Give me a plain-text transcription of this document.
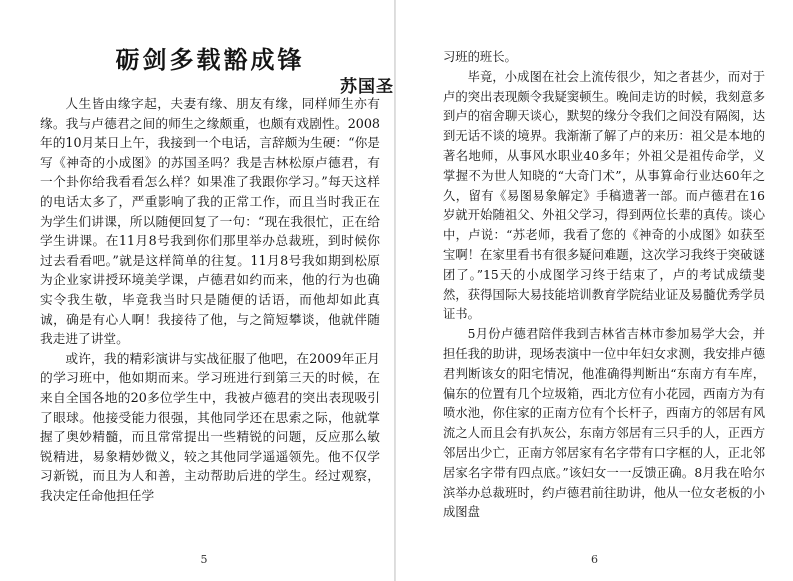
砺剑多载豁成锋
苏国圣

人生皆由缘字起，夫妻有缘、朋友有缘，同样师生亦有缘。我与卢德君之间的师生之缘颇重，也颇有戏剧性。2008年的10月某日上午，我接到一个电话，言辞颇为生硬：“你是写《神奇的小成图》的苏国圣吗？我是吉林松原卢德君，有一个卦你给我看看怎么样？如果准了我跟你学习。”每天这样的电话太多了，严重影响了我的正常工作，而且当时我正在为学生们讲课，所以随便回复了一句：“现在我很忙，正在给学生讲课。在11月8号我到你们那里举办总裁班，到时候你过去看看吧。”就是这样简单的往复。11月8号我如期到松原为企业家讲授环境美学课，卢德君如约而来，他的行为也确实令我生敬，毕竟我当时只是随便的话语，而他却如此真诚，确是有心人啊！我接待了他，与之简短攀谈，他就伴随我走进了讲堂。

或许，我的精彩演讲与实战征服了他吧，在2009年正月的学习班中，他如期而来。学习班进行到第三天的时候，在来自全国各地的20多位学生中，我被卢德君的突出表现吸引了眼球。他接受能力很强，其他同学还在思索之际，他就掌握了奥妙精髓，而且常常提出一些精锐的问题，反应那么敏锐精进，易象精妙微义，较之其他同学遥遥领先。他不仅学习新锐，而且为人和善，主动帮助后进的学生。经过观察，我决定任命他担任学

5

习班的班长。

毕竟，小成图在社会上流传很少，知之者甚少，而对于卢的突出表现颇令我疑窦顿生。晚间走访的时候，我刻意多到卢的宿舍聊天谈心，默契的缘分令我们之间没有隔阂，达到无话不谈的境界。我渐渐了解了卢的来历：祖父是本地的著名地师，从事风水职业40多年；外祖父是祖传命学，义掌握不为世人知晓的“大奇门术”，从事算命行业达60年之久，留有《易图易象解定》手稿遗著一部。而卢德君在16岁就开始随祖父、外祖父学习，得到两位长辈的真传。谈心中，卢说：“苏老师，我看了您的《神奇的小成图》如获至宝啊！在家里看书有很多疑问难题，这次学习我终于突破谜团了。”15天的小成图学习终于结束了，卢的考试成绩斐然，获得国际大易技能培训教育学院结业证及易髓优秀学员证书。

5月份卢德君陪伴我到吉林省吉林市参加易学大会，并担任我的助讲，现场表演中一位中年妇女求测，我安排卢德君判断该女的阳宅情况，他准确得判断出“东南方有车库，偏东的位置有几个垃圾箱，西北方位有小花园，西南方为有喷水池，你住家的正南方位有个长杆子，西南方的邻居有风流之人而且会有扒灰公，东南方邻居有三只手的人，正西方邻居出少亡，正南方邻居家有名字带有口字框的人，正北邻居家名字带有四点底。”该妇女一一反馈正确。8月我在哈尔滨举办总裁班时，约卢德君前往助讲，他从一位女老板的小成图盘

6
